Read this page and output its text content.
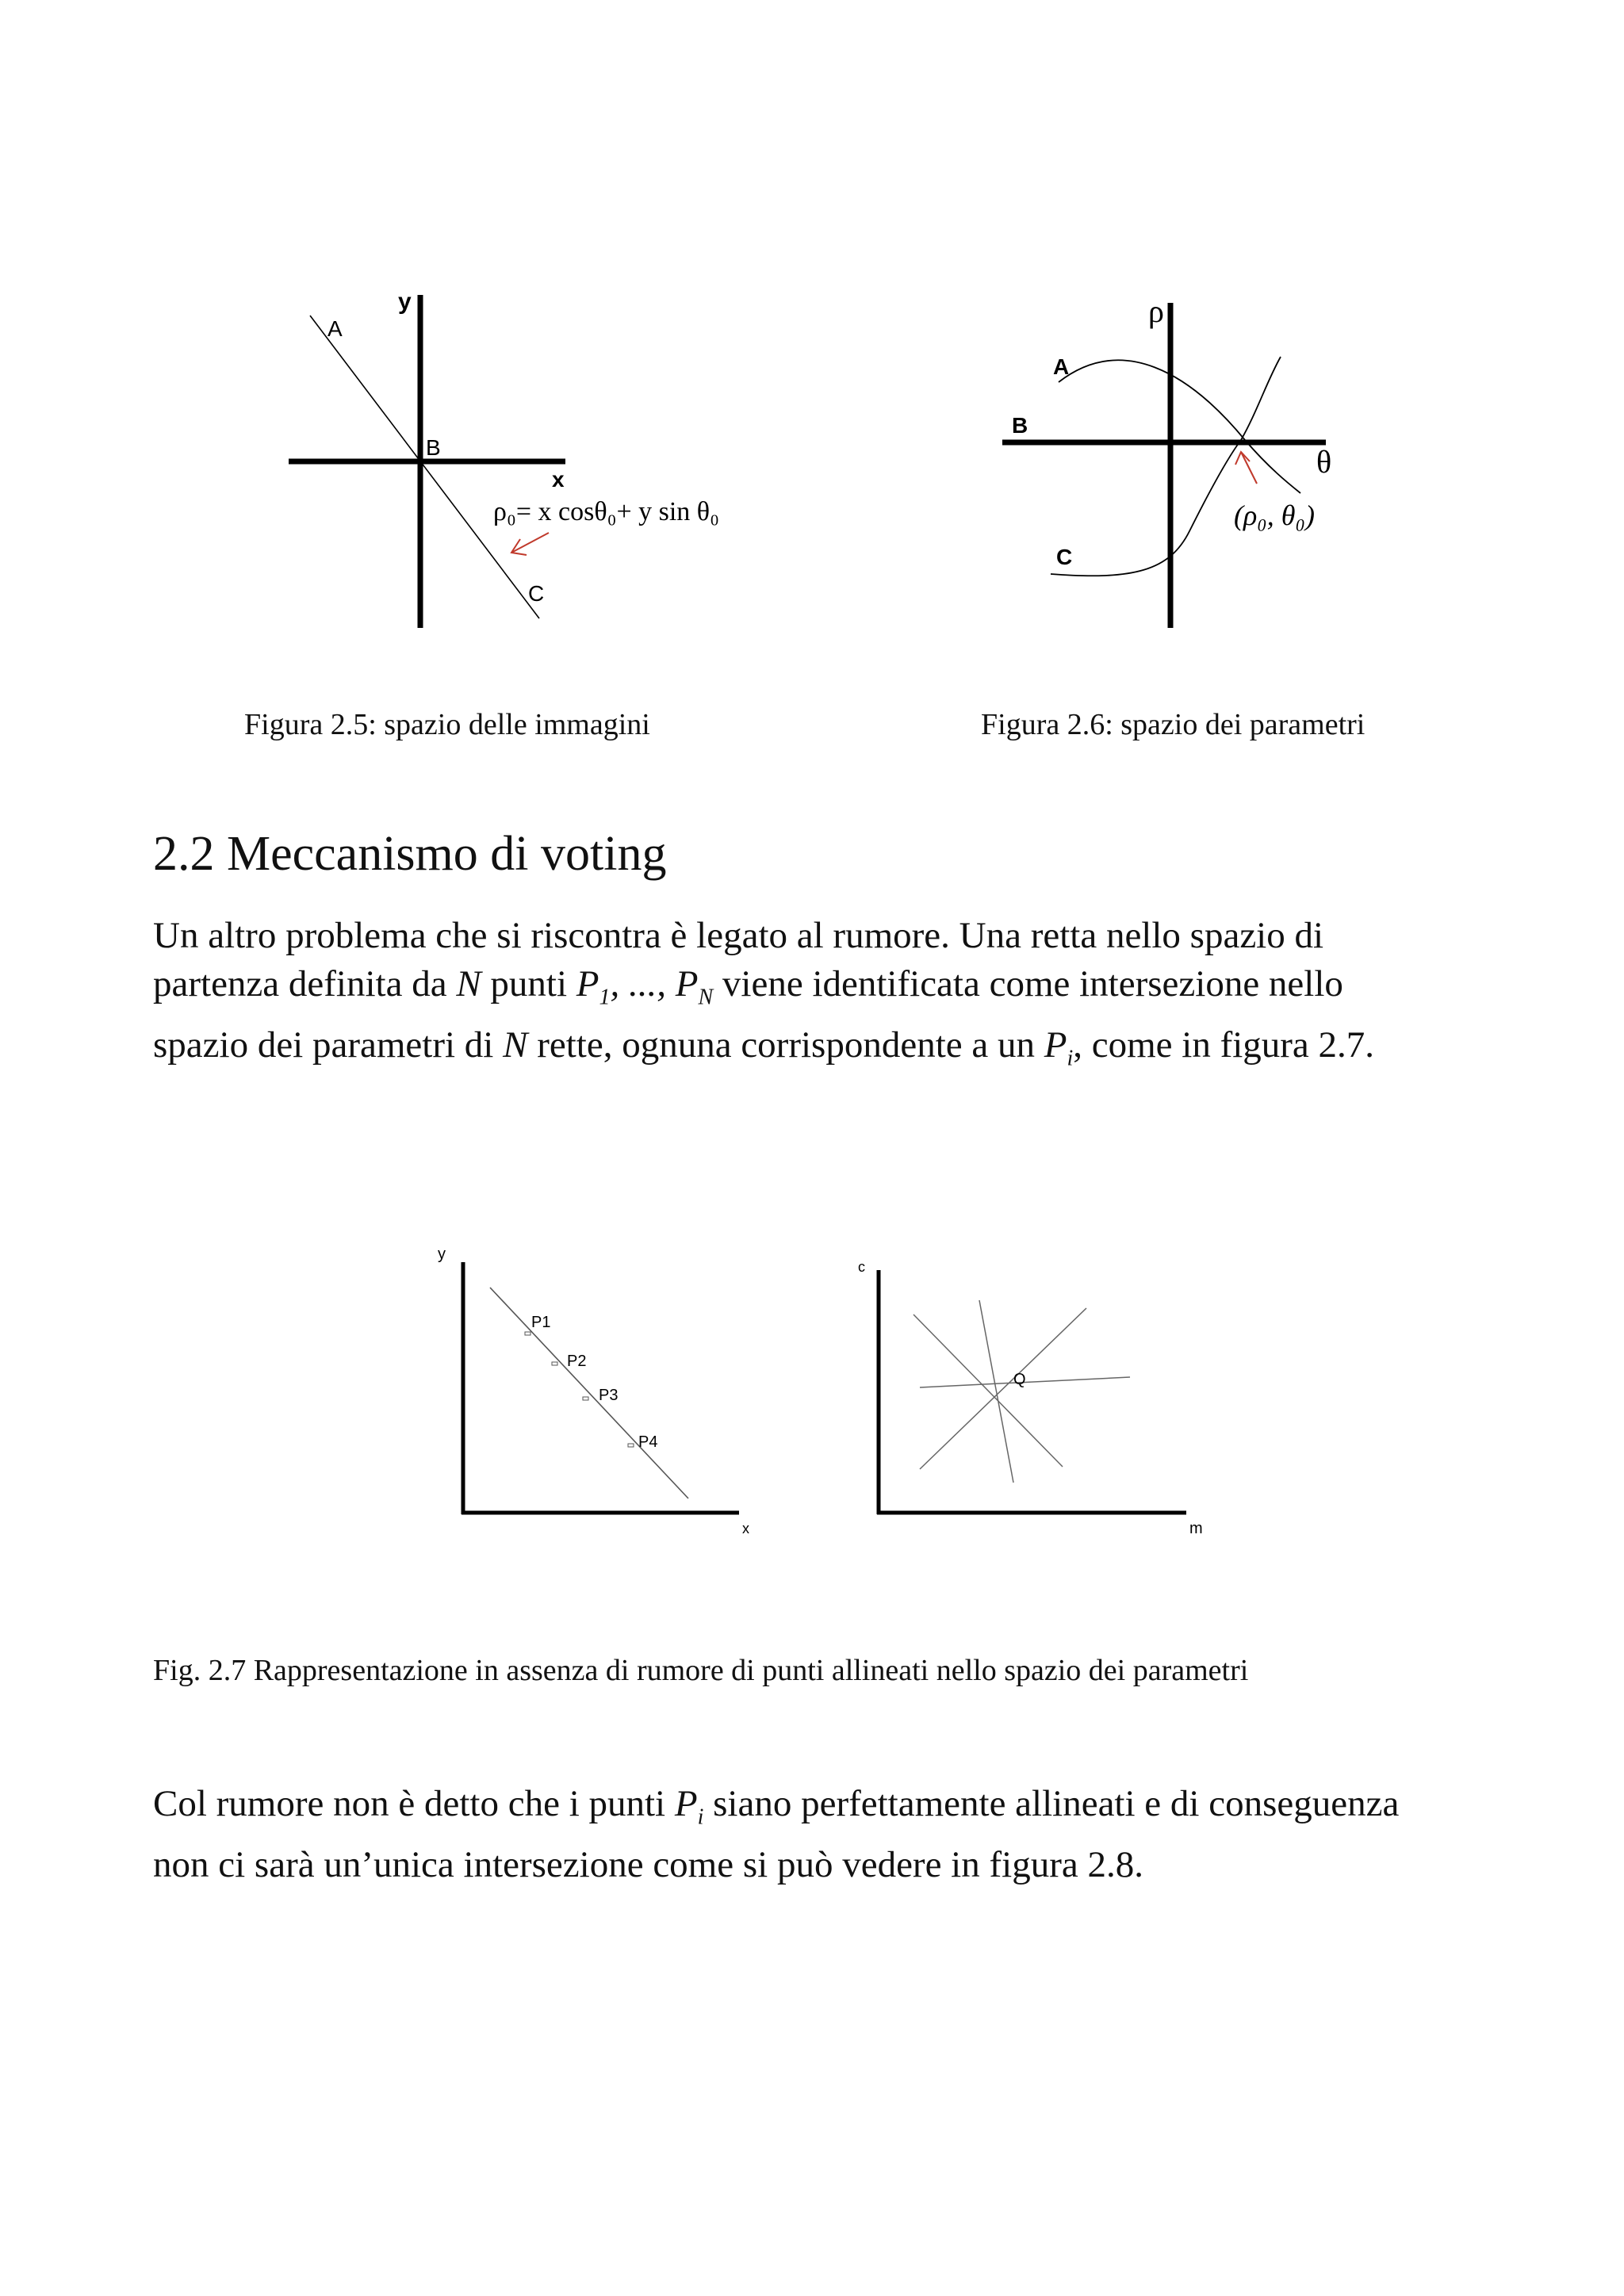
y
x
A
B
C
ρ₀= x cosθ₀+ y sin θ₀
Figura 2.5: spazio delle immagini
ρ
θ
A
B
C
(ρ₀, θ₀)
Figura 2.6: spazio dei parametri
2.2 Meccanismo di voting

Un altro problema che si riscontra è legato al rumore. Una retta nello spazio di

partenza definita da N punti $P_1$, ..., $P_N$ viene identificata come intersezione nello

spazio dei parametri di N rette, ognuna corrispondente a un $P_i$, come in figura 2.7.

y
x
P1
P2
P3
P4
c
m
Q
Fig. 2.7 Rappresentazione in assenza di rumore di punti allineati nello spazio dei parametri

Col rumore non è detto che i punti $P_i$ siano perfettamente allineati e di conseguenza

non ci sarà un’unica intersezione come si può vedere in figura 2.8.
